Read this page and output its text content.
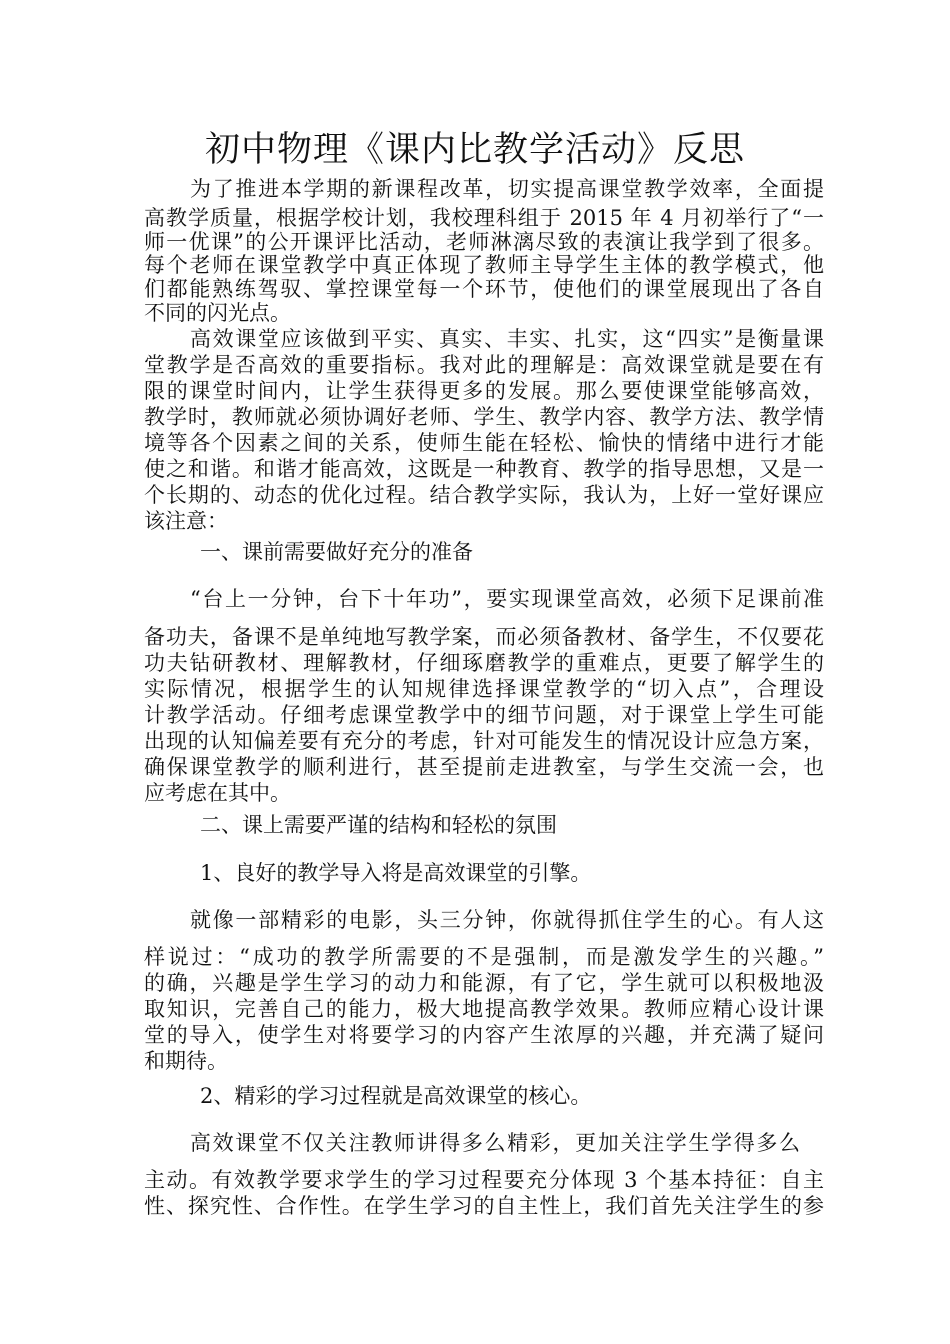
初中物理《课内比教学活动》反思

为了推进本学期的新课程改革，切实提高课堂教学效率，全面提

高教学质量，根据学校计划，我校理科组于 2015 年 4 月初举行了“一

师一优课”的公开课评比活动，老师淋漓尽致的表演让我学到了很多。

每个老师在课堂教学中真正体现了教师主导学生主体的教学模式，他

们都能熟练驾驭、掌控课堂每一个环节，使他们的课堂展现出了各自

不同的闪光点。

高效课堂应该做到平实、真实、丰实、扎实，这“四实”是衡量课

堂教学是否高效的重要指标。我对此的理解是：高效课堂就是要在有

限的课堂时间内，让学生获得更多的发展。那么要使课堂能够高效，

教学时，教师就必须协调好老师、学生、教学内容、教学方法、教学情

境等各个因素之间的关系，使师生能在轻松、愉快的情绪中进行才能

使之和谐。和谐才能高效，这既是一种教育、教学的指导思想，又是一

个长期的、动态的优化过程。结合教学实际，我认为，上好一堂好课应

该注意：

一、课前需要做好充分的准备

“台上一分钟，台下十年功”，要实现课堂高效，必须下足课前准

备功夫，备课不是单纯地写教学案，而必须备教材、备学生，不仅要花

功夫钻研教材、理解教材，仔细琢磨教学的重难点，更要了解学生的

实际情况，根据学生的认知规律选择课堂教学的“切入点”，合理设

计教学活动。仔细考虑课堂教学中的细节问题，对于课堂上学生可能

出现的认知偏差要有充分的考虑，针对可能发生的情况设计应急方案，

确保课堂教学的顺利进行，甚至提前走进教室，与学生交流一会，也

应考虑在其中。

二、课上需要严谨的结构和轻松的氛围

1、良好的教学导入将是高效课堂的引擎。

就像一部精彩的电影，头三分钟，你就得抓住学生的心。有人这

样说过：“成功的教学所需要的不是强制，而是激发学生的兴趣。”

的确，兴趣是学生学习的动力和能源，有了它，学生就可以积极地汲

取知识，完善自己的能力，极大地提高教学效果。教师应精心设计课

堂的导入，使学生对将要学习的内容产生浓厚的兴趣，并充满了疑问

和期待。

2、精彩的学习过程就是高效课堂的核心。

高效课堂不仅关注教师讲得多么精彩，更加关注学生学得多么

主动。有效教学要求学生的学习过程要充分体现 3 个基本持征：自主

性、探究性、合作性。在学生学习的自主性上，我们首先关注学生的参
